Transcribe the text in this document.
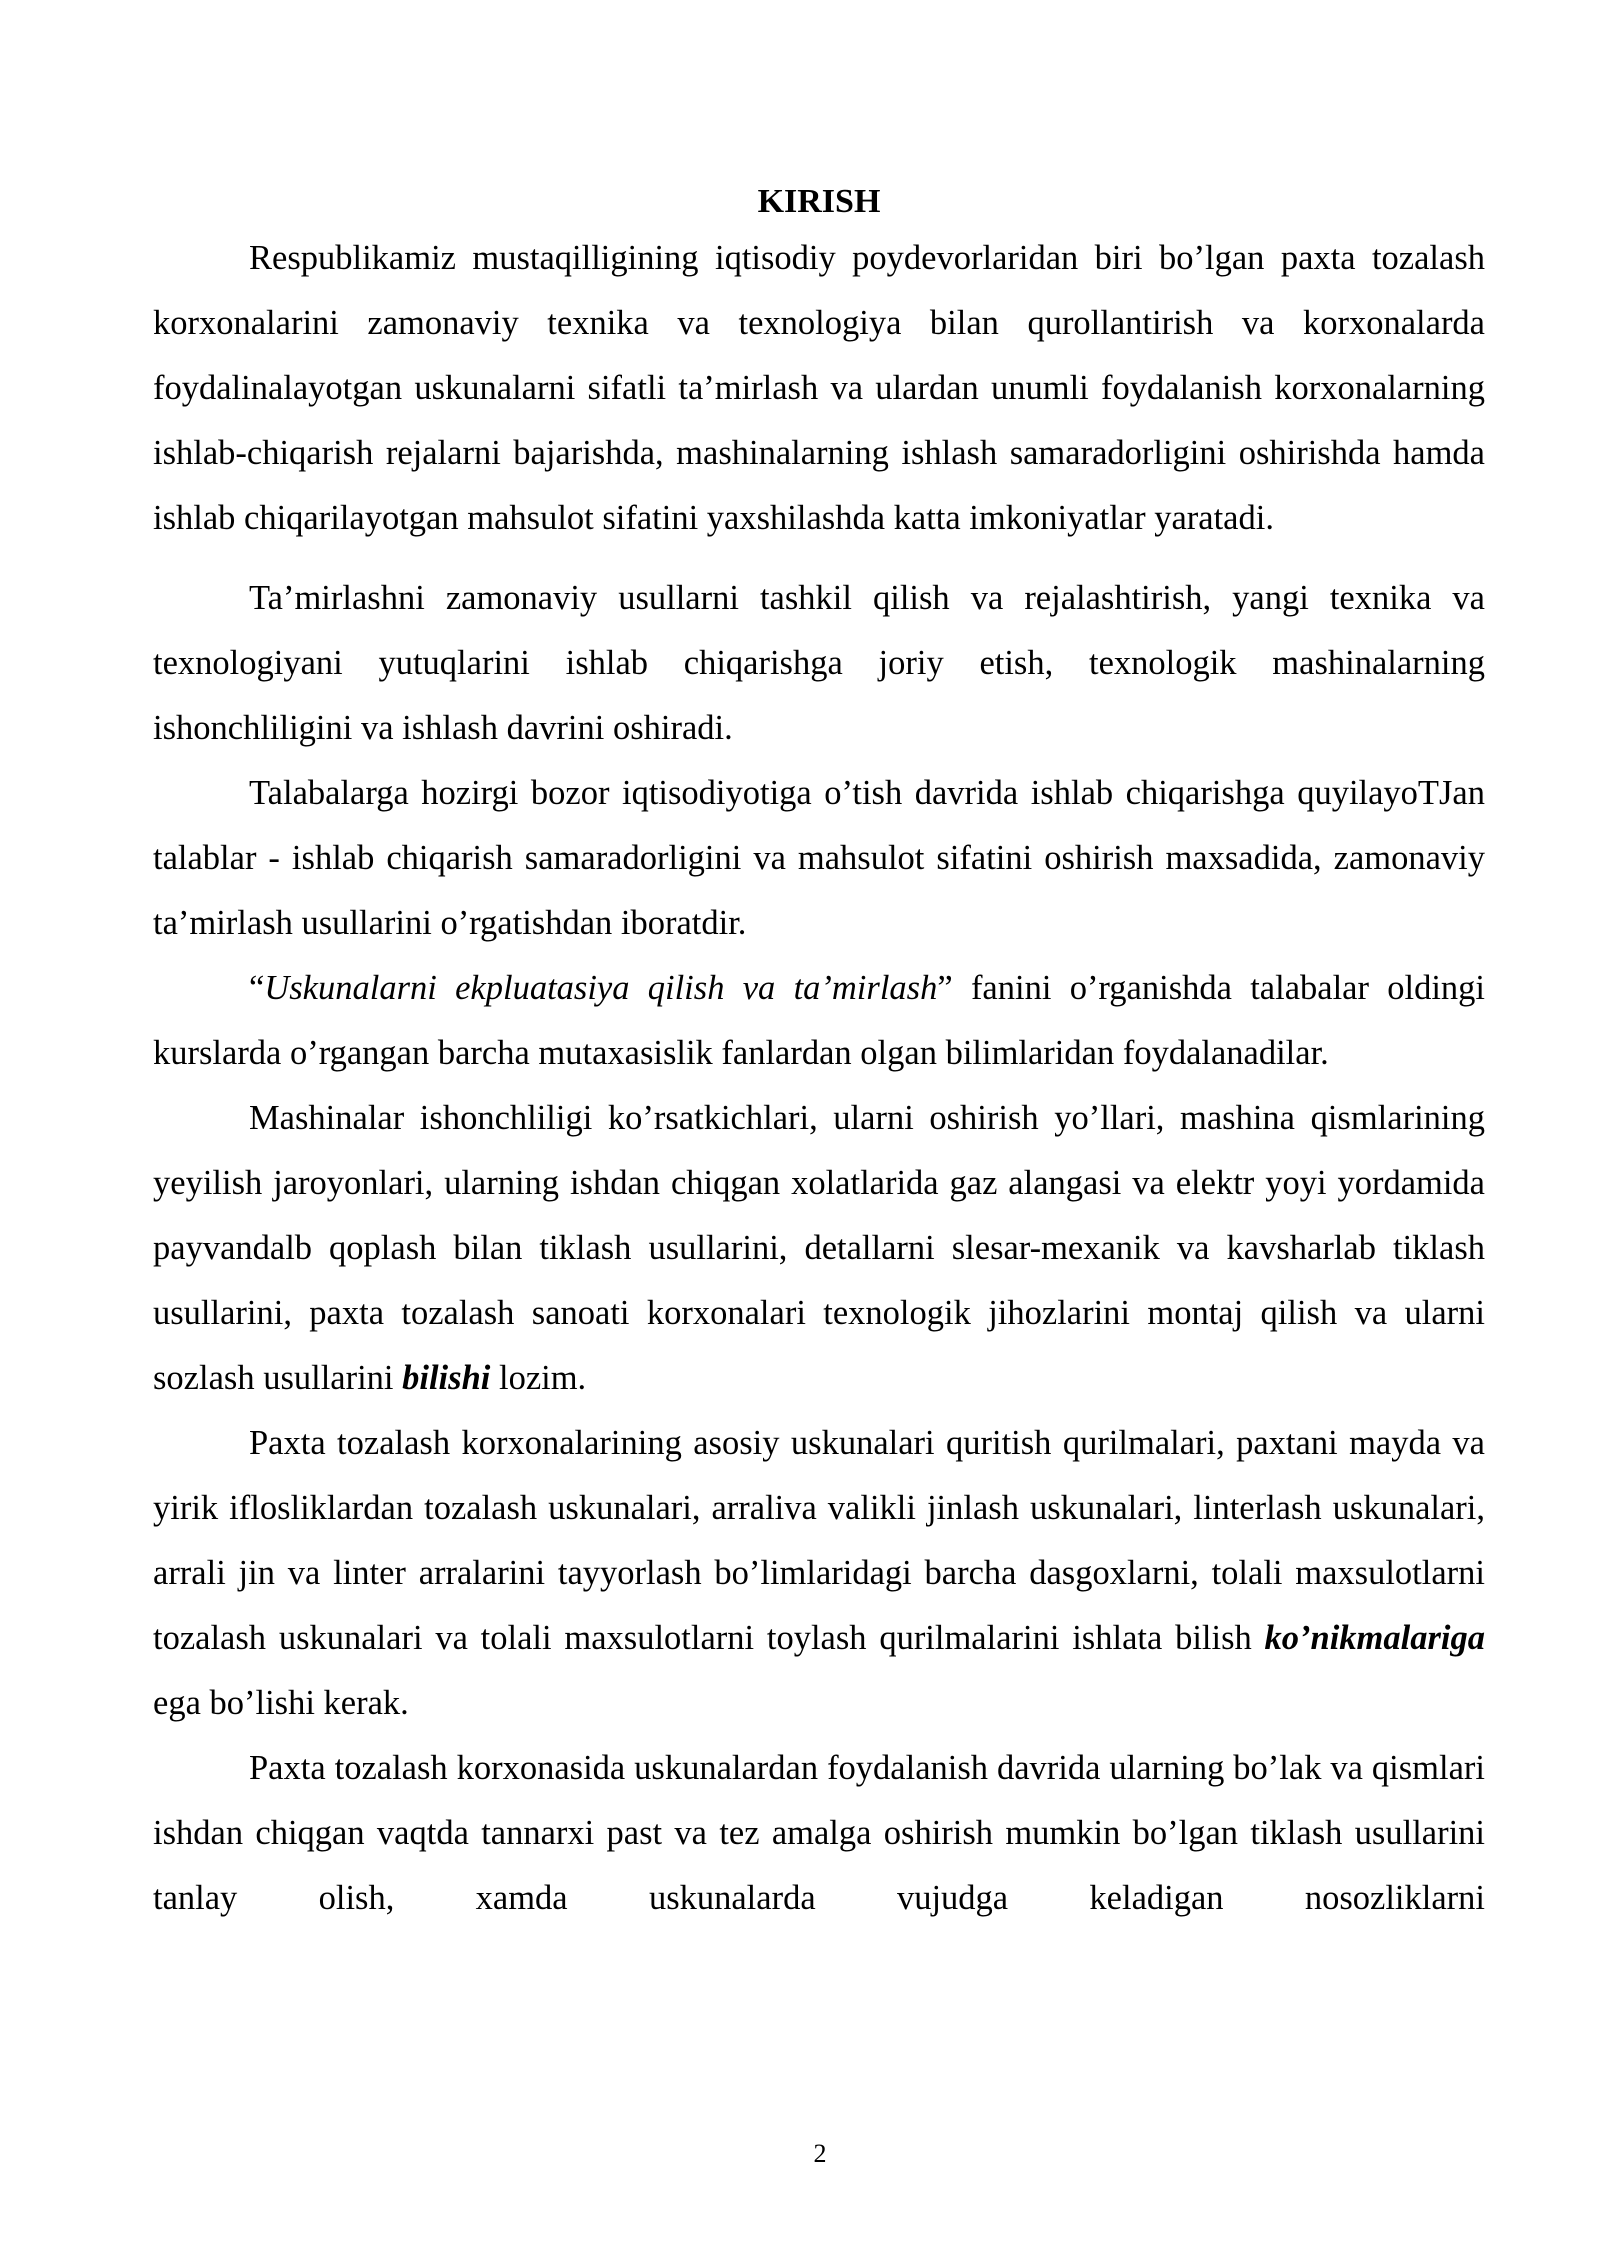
KIRISH

Respublikamiz mustaqilligining iqtisodiy poydevorlaridan biri bo’lgan paxta tozalash korxonalarini zamonaviy texnika va texnologiya bilan qurollantirish va korxonalarda foydalinalayotgan uskunalarni sifatli ta’mirlash va ulardan unumli foydalanish korxonalarning ishlab-chiqarish rejalarni bajarishda, mashinalarning ishlash samaradorligini oshirishda hamda ishlab chiqarilayotgan mahsulot sifatini yaxshilashda katta imkoniyatlar yaratadi.

Ta’mirlashni zamonaviy usullarni tashkil qilish va rejalashtirish, yangi texnika va texnologiyani yutuqlarini ishlab chiqarishga joriy etish, texnologik mashinalarning ishonchliligini va ishlash davrini oshiradi.

Talabalarga hozirgi bozor iqtisodiyotiga o’tish davrida ishlab chiqarishga quyilayoTJan talablar - ishlab chiqarish samaradorligini va mahsulot sifatini oshirish maxsadida, zamonaviy ta’mirlash usullarini o’rgatishdan iboratdir.

“Uskunalarni ekpluatasiya qilish va ta’mirlash” fanini o’rganishda talabalar oldingi kurslarda o’rgangan barcha mutaxasislik fanlardan olgan bilimlaridan foydalanadilar.

Mashinalar ishonchliligi ko’rsatkichlari, ularni oshirish yo’llari, mashina qismlarining yeyilish jaroyonlari, ularning ishdan chiqgan xolatlarida gaz alangasi va elektr yoyi yordamida payvandalb qoplash bilan tiklash usullarini, detallarni slesar-mexanik va kavsharlab tiklash usullarini, paxta tozalash sanoati korxonalari texnologik jihozlarini montaj qilish va ularni sozlash usullarini bilishi lozim.

Paxta tozalash korxonalarining asosiy uskunalari quritish qurilmalari, paxtani mayda va yirik iflosliklardan tozalash uskunalari, arraliva valikli jinlash uskunalari, linterlash uskunalari, arrali jin va linter arralarini tayyorlash bo’limlaridagi barcha dasgoxlarni, tolali maxsulotlarni tozalash uskunalari va tolali maxsulotlarni toylash qurilmalarini ishlata bilish ko’nikmalariga ega bo’lishi kerak.

Paxta tozalash korxonasida uskunalardan foydalanish davrida ularning bo’lak va qismlari ishdan chiqgan vaqtda tannarxi past va tez amalga oshirish mumkin bo’lgan tiklash usullarini tanlay olish, xamda uskunalarda vujudga keladigan nosozliklarni

2
